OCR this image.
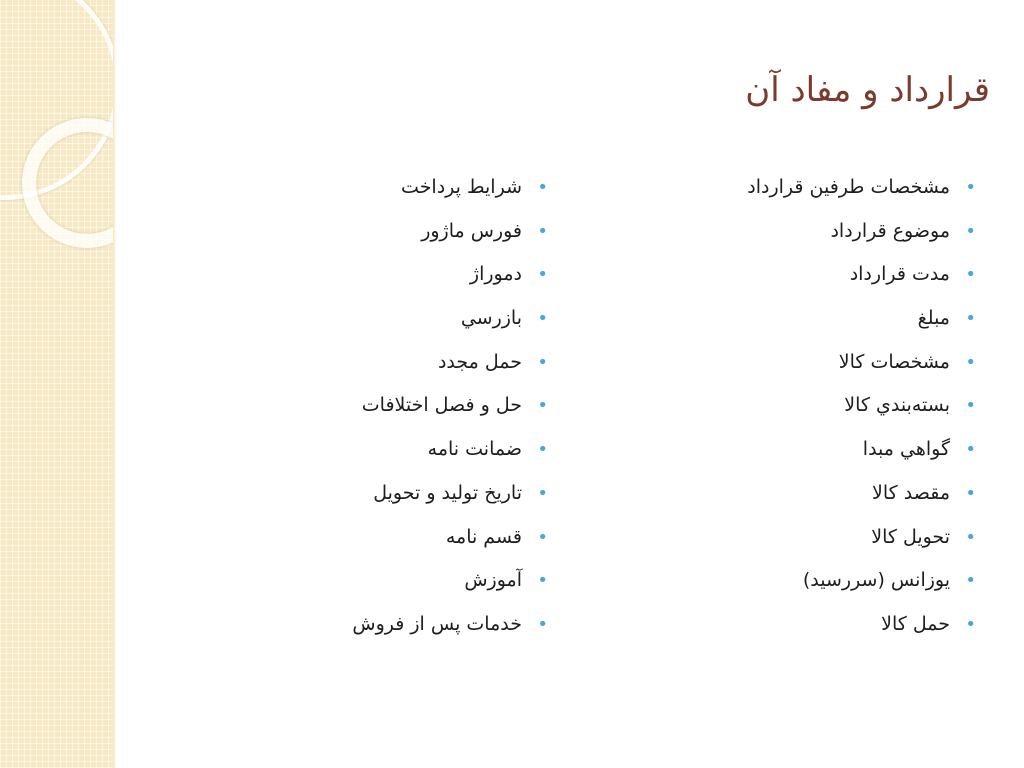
قرارداد و مفاد آن
•
مشخصات طرفين قرارداد
•
موضوع قرارداد
•
مدت قرارداد
•
مبلغ
•
مشخصات كالا
•
بسته‌بندي كالا
•
گواهي مبدا
•
مقصد كالا
•
تحويل كالا
•
يوزانس (سررسيد)
•
حمل كالا
•
شرايط پرداخت
•
فورس ماژور
•
دموراژ
•
بازرسي
•
حمل مجدد
•
حل و فصل اختلافات
•
ضمانت نامه
•
تاريخ توليد و تحويل
•
قسم نامه
•
آموزش
•
خدمات پس از فروش
